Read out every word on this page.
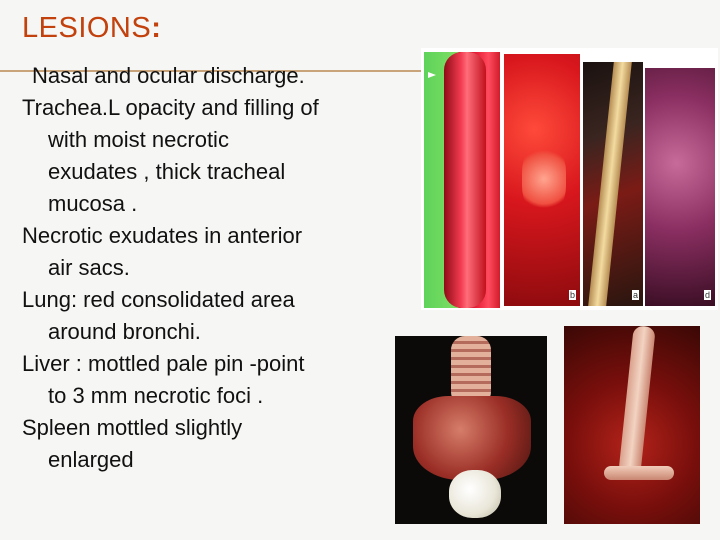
LESIONS:
Nasal and ocular discharge.
Trachea.L opacity and filling of
with moist necrotic
exudates , thick tracheal
mucosa .
Necrotic exudates in anterior
air sacs.
Lung: red consolidated area
around bronchi.
Liver : mottled pale pin -point
to 3 mm necrotic foci .
Spleen mottled slightly
enlarged
b	a	d
